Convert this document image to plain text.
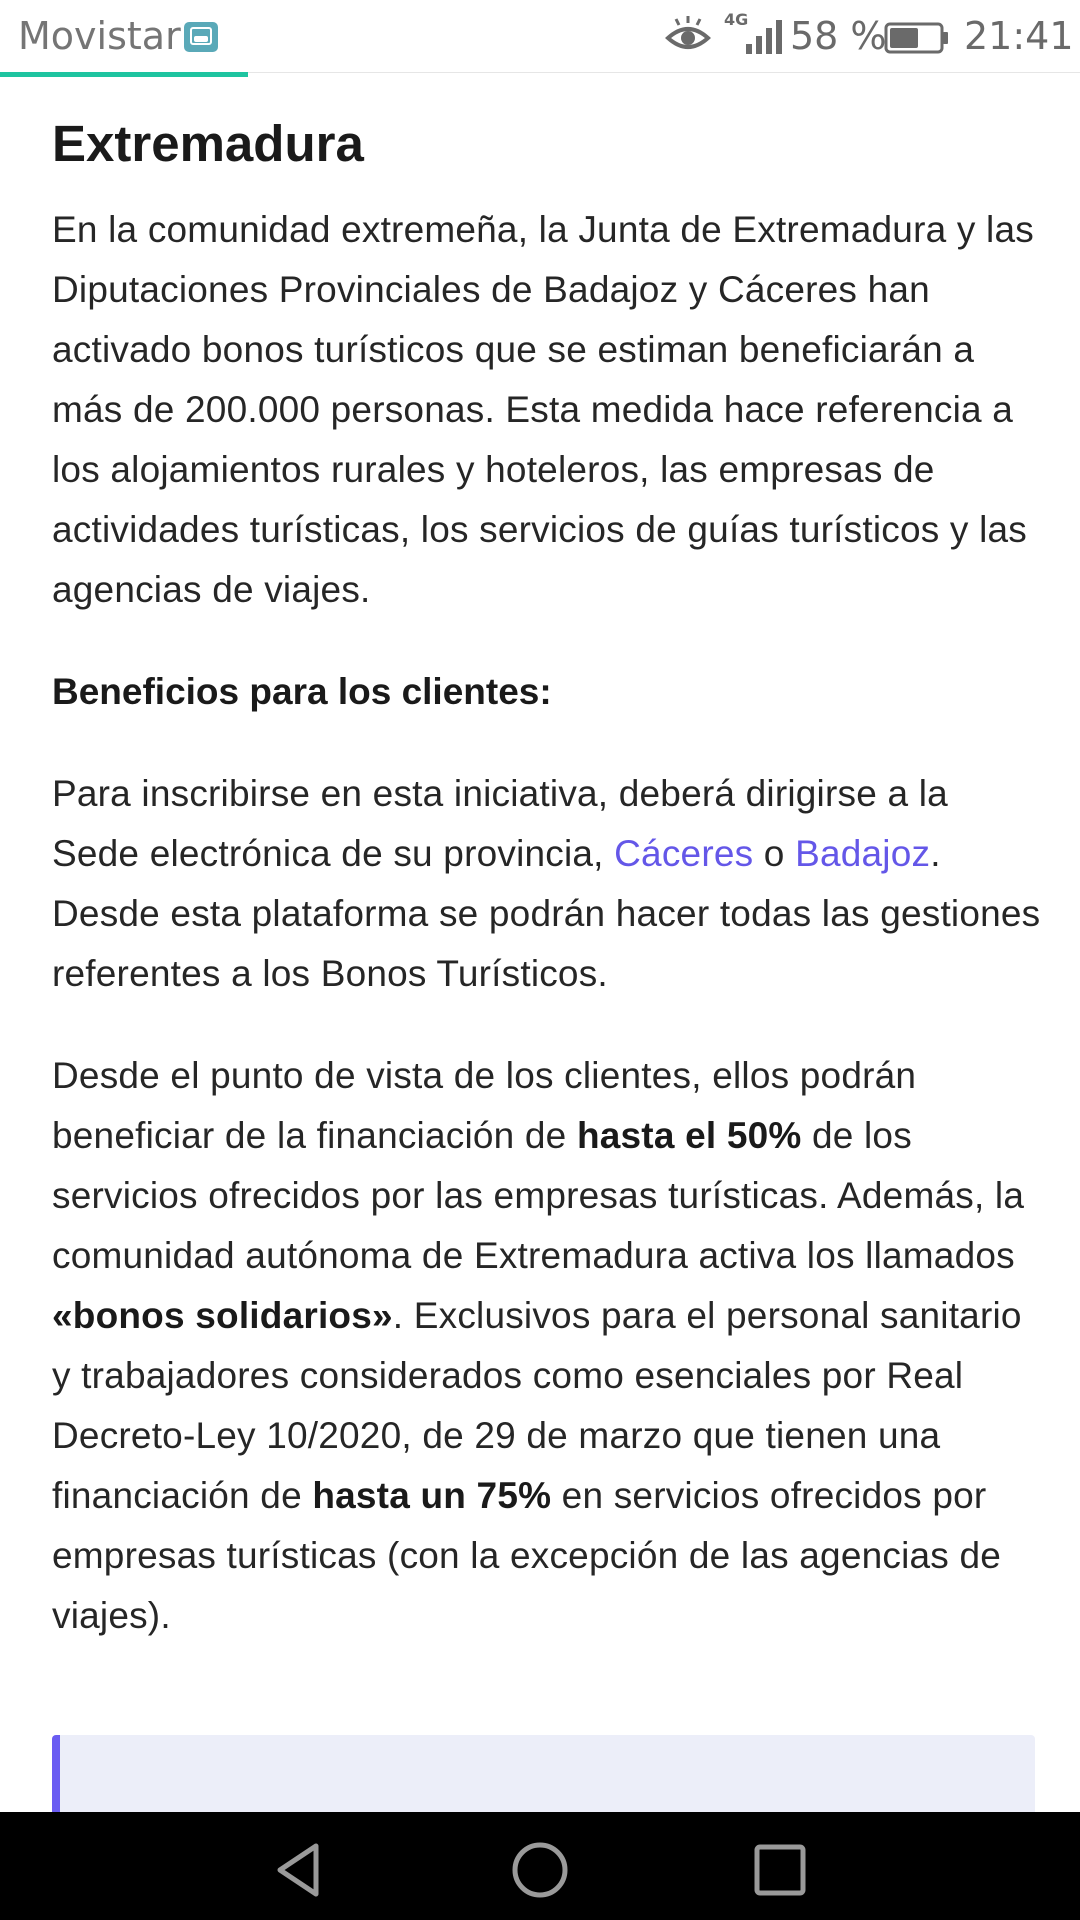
Movistar	4G 58 % 21:41
Extremadura

En la comunidad extremeña, la Junta de Extremadura y las Diputaciones Provinciales de Badajoz y Cáceres han activado bonos turísticos que se estiman beneficiarán a más de 200.000 personas. Esta medida hace referencia a los alojamientos rurales y hoteleros, las empresas de actividades turísticas, los servicios de guías turísticos y las agencias de viajes.

Beneficios para los clientes:

Para inscribirse en esta iniciativa, deberá dirigirse a la Sede electrónica de su provincia, Cáceres o Badajoz. Desde esta plataforma se podrán hacer todas las gestiones referentes a los Bonos Turísticos.

Desde el punto de vista de los clientes, ellos podrán beneficiar de la financiación de hasta el 50% de los servicios ofrecidos por las empresas turísticas. Además, la comunidad autónoma de Extremadura activa los llamados «bonos solidarios». Exclusivos para el personal sanitario y trabajadores considerados como esenciales por Real Decreto-Ley 10/2020, de 29 de marzo que tienen una financiación de hasta un 75% en servicios ofrecidos por empresas turísticas (con la excepción de las agencias de viajes).
